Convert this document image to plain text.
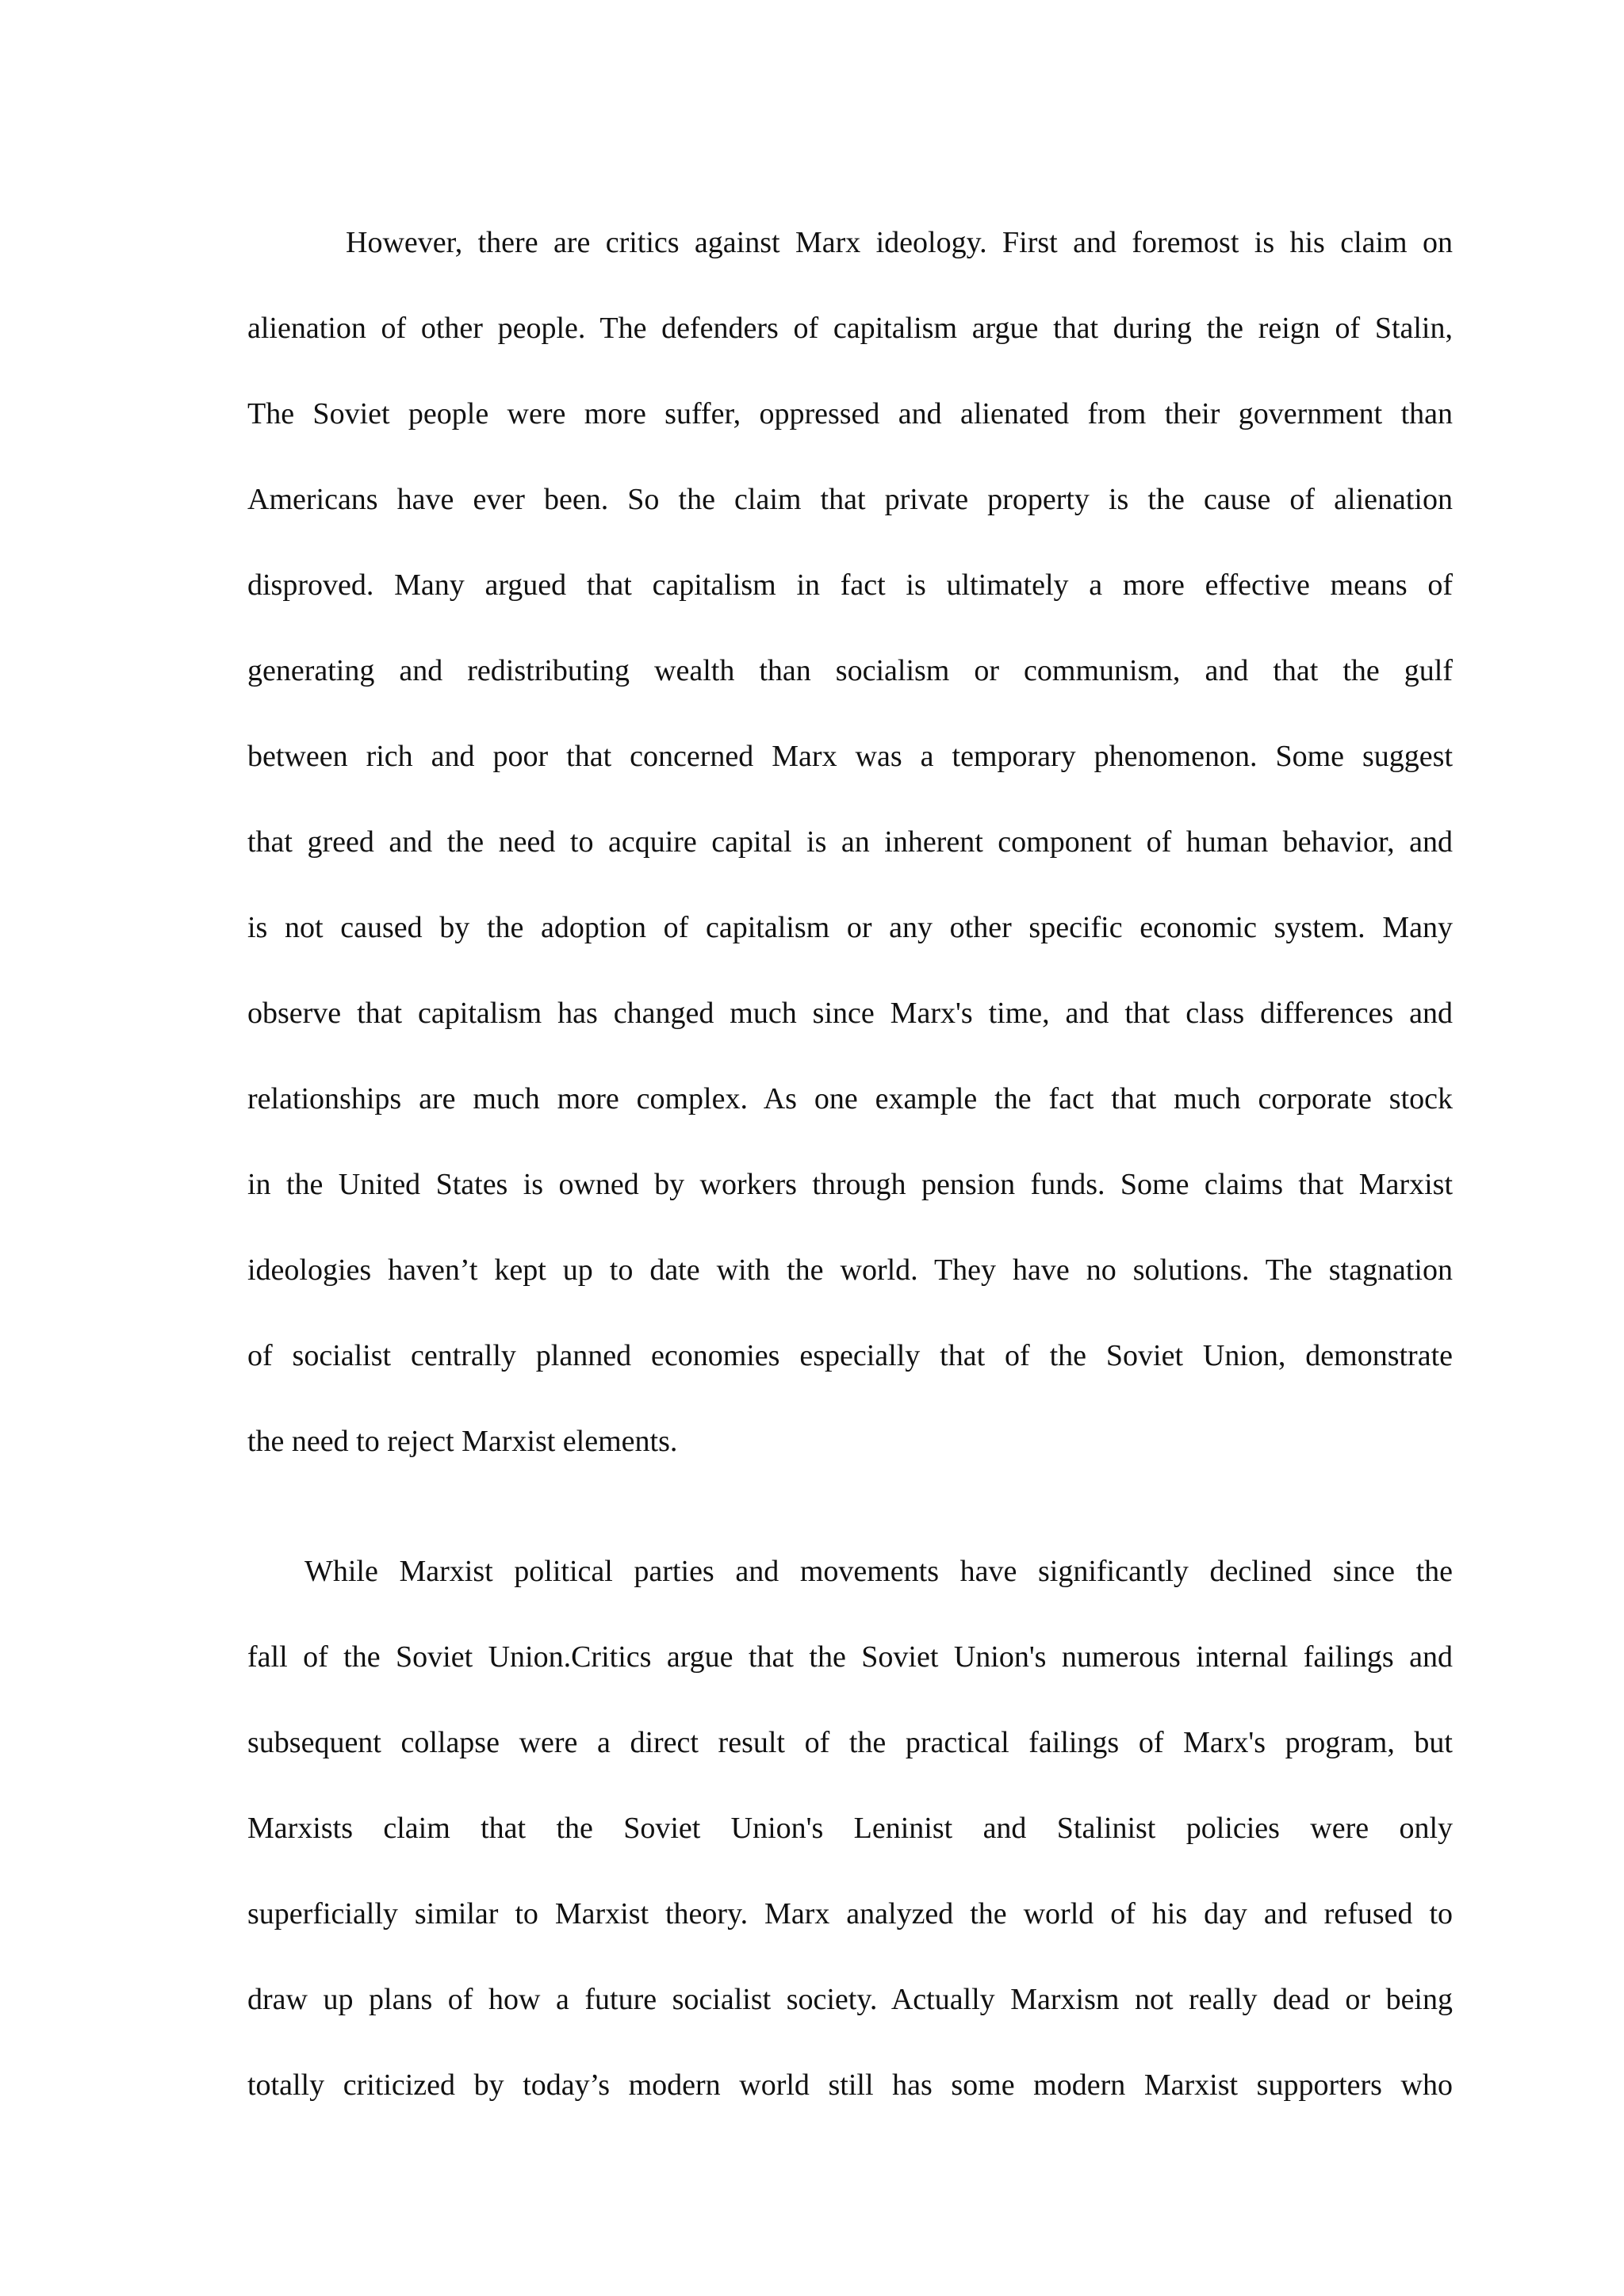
However, there are critics against Marx ideology. First and foremost is his claim on

alienation of other people. The defenders of capitalism argue that during the reign of Stalin,

The Soviet people were more suffer, oppressed and alienated from their government than

Americans have ever been. So the claim that private property is the cause of alienation

disproved. Many argued that capitalism in fact is ultimately a more effective means of

generating and redistributing wealth than socialism or communism, and that the gulf

between rich and poor that concerned Marx was a temporary phenomenon. Some suggest

that greed and the need to acquire capital is an inherent component of human behavior, and

is not caused by the adoption of capitalism or any other specific economic system. Many

observe that capitalism has changed much since Marx's time, and that class differences and

relationships are much more complex. As one example the fact that much corporate stock

in the United States is owned by workers through pension funds. Some claims that Marxist

ideologies haven’t kept up to date with the world. They have no solutions. The stagnation

of socialist centrally planned economies especially that of the Soviet Union, demonstrate

the need to reject Marxist elements.

While Marxist political parties and movements have significantly declined since the

fall of the Soviet Union.Critics argue that the Soviet Union's numerous internal failings and

subsequent collapse were a direct result of the practical failings of Marx's program, but

Marxists claim that the Soviet Union's Leninist and Stalinist policies were only

superficially similar to Marxist theory. Marx analyzed the world of his day and refused to

draw up plans of how a future socialist society. Actually Marxism not really dead or being

totally criticized by today’s modern world still has some modern Marxist supporters who
